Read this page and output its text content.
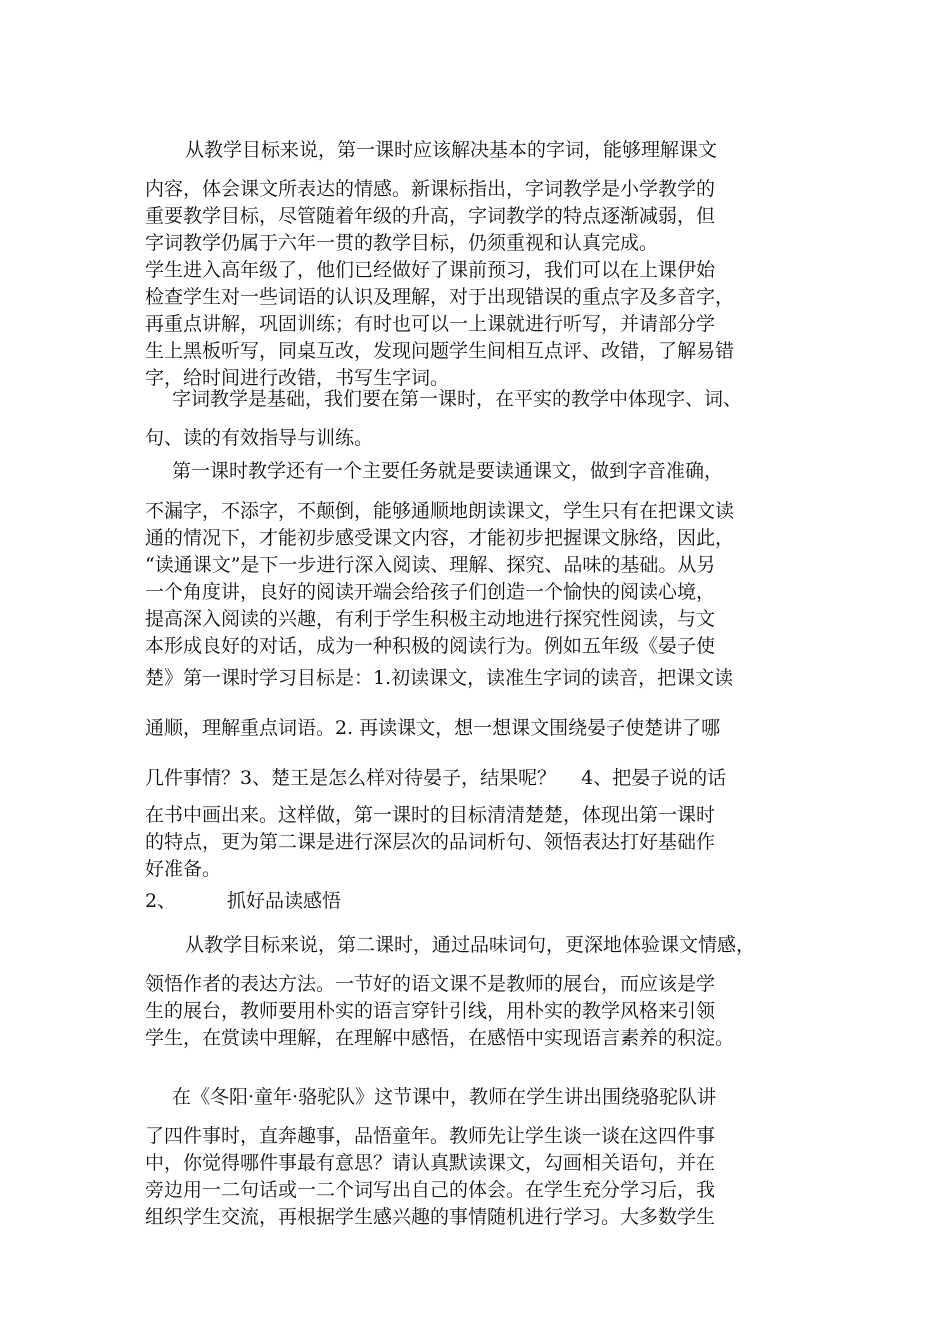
从教学目标来说，第一课时应该解决基本的字词，能够理解课文
内容，体会课文所表达的情感。新课标指出，字词教学是小学教学的
重要教学目标，尽管随着年级的升高，字词教学的特点逐渐减弱，但
字词教学仍属于六年一贯的教学目标，仍须重视和认真完成。
学生进入高年级了，他们已经做好了课前预习，我们可以在上课伊始
检查学生对一些词语的认识及理解，对于出现错误的重点字及多音字，
再重点讲解，巩固训练；有时也可以一上课就进行听写，并请部分学
生上黑板听写，同桌互改，发现问题学生间相互点评、改错，了解易错
字，给时间进行改错，书写生字词。
字词教学是基础，我们要在第一课时，在平实的教学中体现字、词、
句、读的有效指导与训练。
第一课时教学还有一个主要任务就是要读通课文，做到字音准确，
不漏字，不添字，不颠倒，能够通顺地朗读课文，学生只有在把课文读
通的情况下，才能初步感受课文内容，才能初步把握课文脉络，因此，
“读通课文”是下一步进行深入阅读、理解、探究、品味的基础。从另
一个角度讲，良好的阅读开端会给孩子们创造一个愉快的阅读心境，
提高深入阅读的兴趣，有利于学生积极主动地进行探究性阅读，与文
本形成良好的对话，成为一种积极的阅读行为。例如五年级《晏子使
楚》第一课时学习目标是：1.初读课文，读准生字词的读音，把课文读
通顺，理解重点词语。2. 再读课文，想一想课文围绕晏子使楚讲了哪
几件事情？3、楚王是怎么样对待晏子，结果呢？　 4、把晏子说的话
在书中画出来。这样做，第一课时的目标清清楚楚，体现出第一课时
的特点，更为第二课是进行深层次的品词析句、领悟表达打好基础作
好准备。
2、	抓好品读感悟
从教学目标来说，第二课时，通过品味词句，更深地体验课文情感，
领悟作者的表达方法。一节好的语文课不是教师的展台，而应该是学
生的展台，教师要用朴实的语言穿针引线，用朴实的教学风格来引领
学生，在赏读中理解，在理解中感悟，在感悟中实现语言素养的积淀。
在《冬阳·童年·骆驼队》这节课中，教师在学生讲出围绕骆驼队讲
了四件事时，直奔趣事，品悟童年。教师先让学生谈一谈在这四件事
中，你觉得哪件事最有意思？请认真默读课文，勾画相关语句，并在
旁边用一二句话或一二个词写出自己的体会。在学生充分学习后，我
组织学生交流，再根据学生感兴趣的事情随机进行学习。大多数学生
